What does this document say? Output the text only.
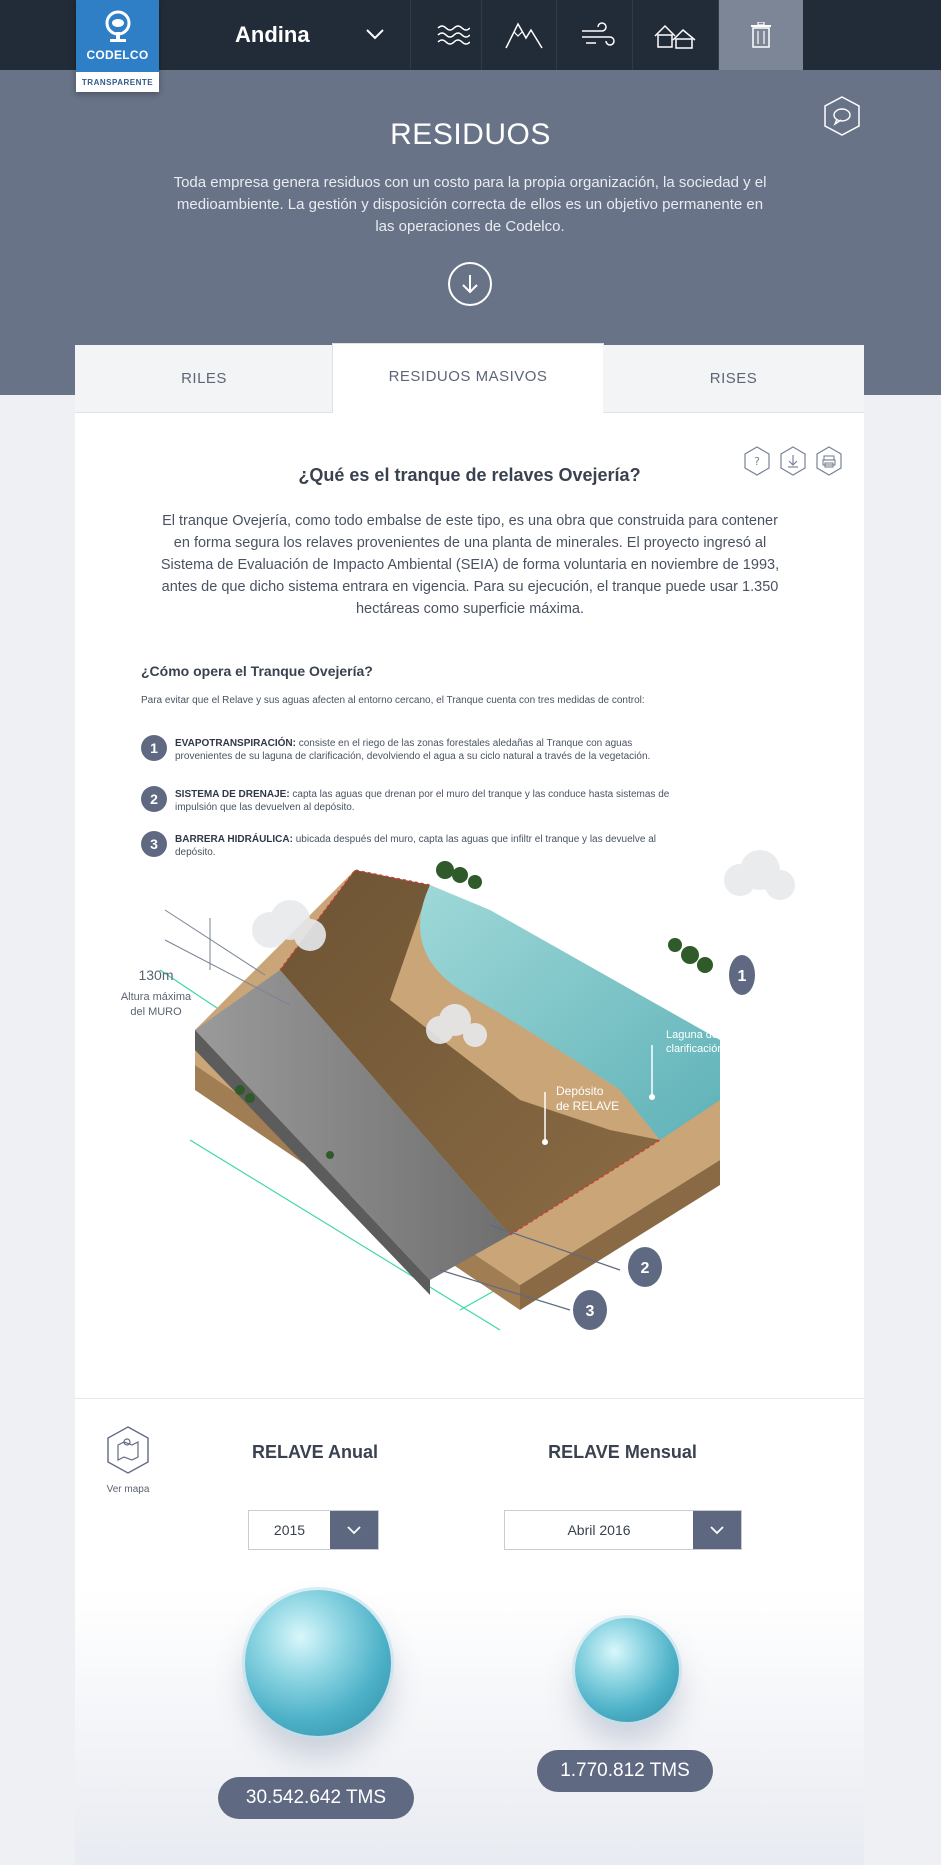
CODELCO
TRANSPARENTE
Andina
RESIDUOS
Toda empresa genera residuos con un costo para la propia organización, la sociedad y el medioambiente. La gestión y disposición correcta de ellos es un objetivo permanente en las operaciones de Codelco.
RILES	RESIDUOS MASIVOS	RISES
?
¿Qué es el tranque de relaves Ovejería?
El tranque Ovejería, como todo embalse de este tipo, es una obra que construida para contener en forma segura los relaves provenientes de una planta de minerales. El proyecto ingresó al Sistema de Evaluación de Impacto Ambiental (SEIA) de forma voluntaria en noviembre de 1993, antes de que dicho sistema entrara en vigencia. Para su ejecución, el tranque puede usar 1.350 hectáreas como superficie máxima.
¿Cómo opera el Tranque Ovejería?
Para evitar que el Relave y sus aguas afecten al entorno cercano, el Tranque cuenta con tres medidas de control:
1	EVAPOTRANSPIRACIÓN: consiste en el riego de las zonas forestales aledañas al Tranque con aguas provenientes de su laguna de clarificación, devolviendo el agua a su ciclo natural a través de la vegetación.
2	SISTEMA DE DRENAJE: capta las aguas que drenan por el muro del tranque y las conduce hasta sistemas de impulsión que las devuelven al depósito.
3	BARRERA HIDRÁULICA: ubicada después del muro, capta las aguas que infiltr el tranque y las devuelve al depósito.
130m
Altura máxima
del MURO
Depósito
de RELAVE
Laguna de
clarificación
1
2
3
Ver mapa
RELAVE Anual	RELAVE Mensual
2015	Abril 2016
30.542.642 TMS
1.770.812 TMS
